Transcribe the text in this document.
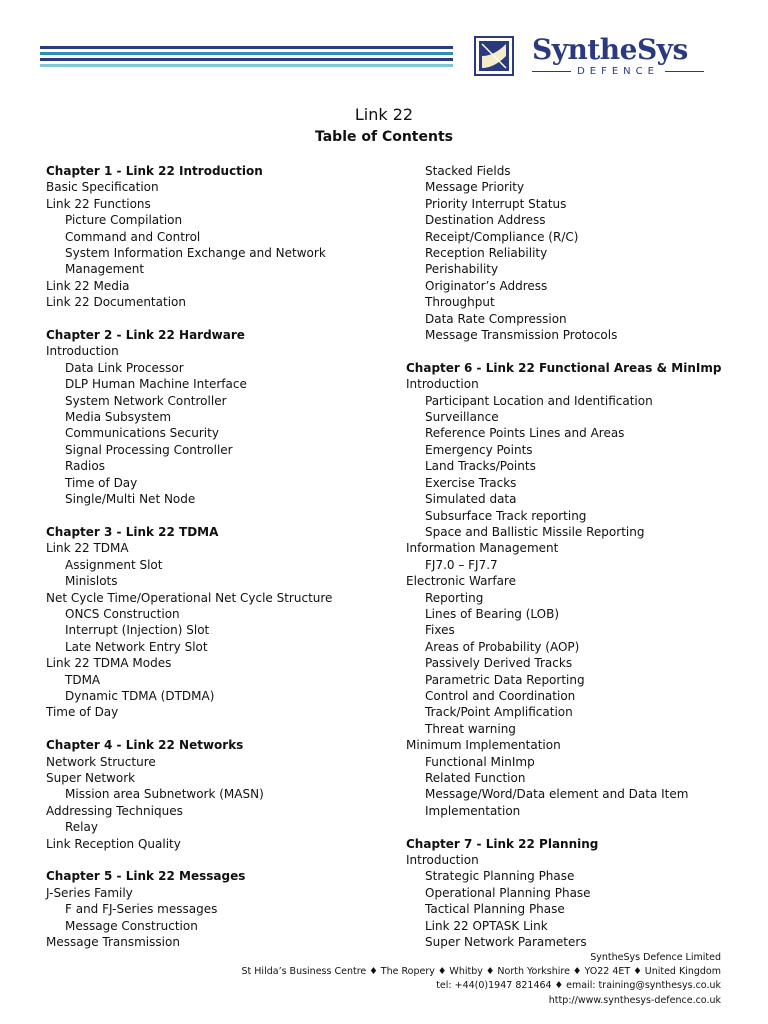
SyntheSys
DEFENCE
Link 22
Table of Contents
Chapter 1 - Link 22 Introduction
Basic Specification
Link 22 Functions
Picture Compilation
Command and Control
System Information Exchange and Network
Management
Link 22 Media
Link 22 Documentation
Chapter 2 - Link 22 Hardware
Introduction
Data Link Processor
DLP Human Machine Interface
System Network Controller
Media Subsystem
Communications Security
Signal Processing Controller
Radios
Time of Day
Single/Multi Net Node
Chapter 3 - Link 22 TDMA
Link 22 TDMA
Assignment Slot
Minislots
Net Cycle Time/Operational Net Cycle Structure
ONCS Construction
Interrupt (Injection) Slot
Late Network Entry Slot
Link 22 TDMA Modes
TDMA
Dynamic TDMA (DTDMA)
Time of Day
Chapter 4 - Link 22 Networks
Network Structure
Super Network
Mission area Subnetwork (MASN)
Addressing Techniques
Relay
Link Reception Quality
Chapter 5 - Link 22 Messages
J-Series Family
F and FJ-Series messages
Message Construction
Message Transmission
Stacked Fields
Message Priority
Priority Interrupt Status
Destination Address
Receipt/Compliance (R/C)
Reception Reliability
Perishability
Originator’s Address
Throughput
Data Rate Compression
Message Transmission Protocols
Chapter 6 - Link 22 Functional Areas & MinImp
Introduction
Participant Location and Identification
Surveillance
Reference Points Lines and Areas
Emergency Points
Land Tracks/Points
Exercise Tracks
Simulated data
Subsurface Track reporting
Space and Ballistic Missile Reporting
Information Management
FJ7.0 – FJ7.7
Electronic Warfare
Reporting
Lines of Bearing (LOB)
Fixes
Areas of Probability (AOP)
Passively Derived Tracks
Parametric Data Reporting
Control and Coordination
Track/Point Amplification
Threat warning
Minimum Implementation
Functional MinImp
Related Function
Message/Word/Data element and Data Item
Implementation
Chapter 7 - Link 22 Planning
Introduction
Strategic Planning Phase
Operational Planning Phase
Tactical Planning Phase
Link 22 OPTASK Link
Super Network Parameters
SyntheSys Defence Limited
St Hilda’s Business Centre ♦ The Ropery ♦ Whitby ♦ North Yorkshire ♦ YO22 4ET ♦ United Kingdom
tel: +44(0)1947 821464 ♦ email: training@synthesys.co.uk
http://www.synthesys-defence.co.uk
